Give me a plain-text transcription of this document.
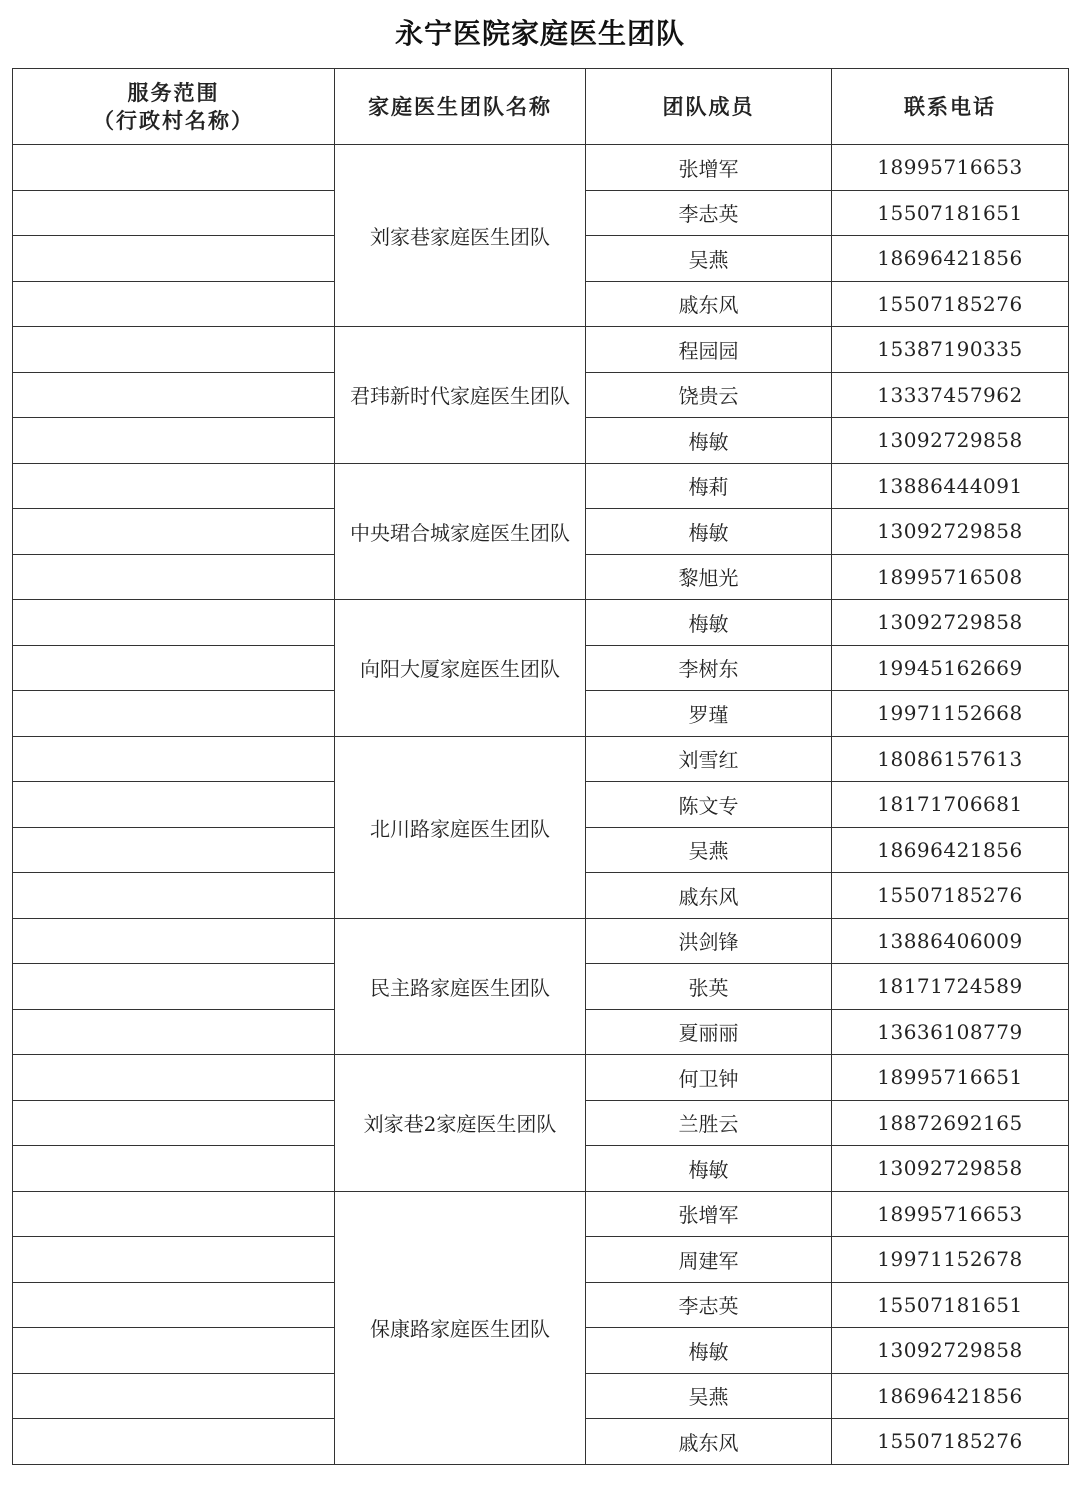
永宁医院家庭医生团队
服务范围
（行政村名称）	家庭医生团队名称	团队成员	联系电话
	刘家巷家庭医生团队	张增军	18995716653
		李志英	15507181651
		吴燕	18696421856
		戚东风	15507185276
	君玮新时代家庭医生团队	程园园	15387190335
		饶贵云	13337457962
		梅敏	13092729858
	中央珺合城家庭医生团队	梅莉	13886444091
		梅敏	13092729858
		黎旭光	18995716508
	向阳大厦家庭医生团队	梅敏	13092729858
		李树东	19945162669
		罗瑾	19971152668
	北川路家庭医生团队	刘雪红	18086157613
		陈文专	18171706681
		吴燕	18696421856
		戚东风	15507185276
	民主路家庭医生团队	洪剑锋	13886406009
		张英	18171724589
		夏丽丽	13636108779
	刘家巷2家庭医生团队	何卫钟	18995716651
		兰胜云	18872692165
		梅敏	13092729858
	保康路家庭医生团队	张增军	18995716653
		周建军	19971152678
		李志英	15507181651
		梅敏	13092729858
		吴燕	18696421856
		戚东风	15507185276
